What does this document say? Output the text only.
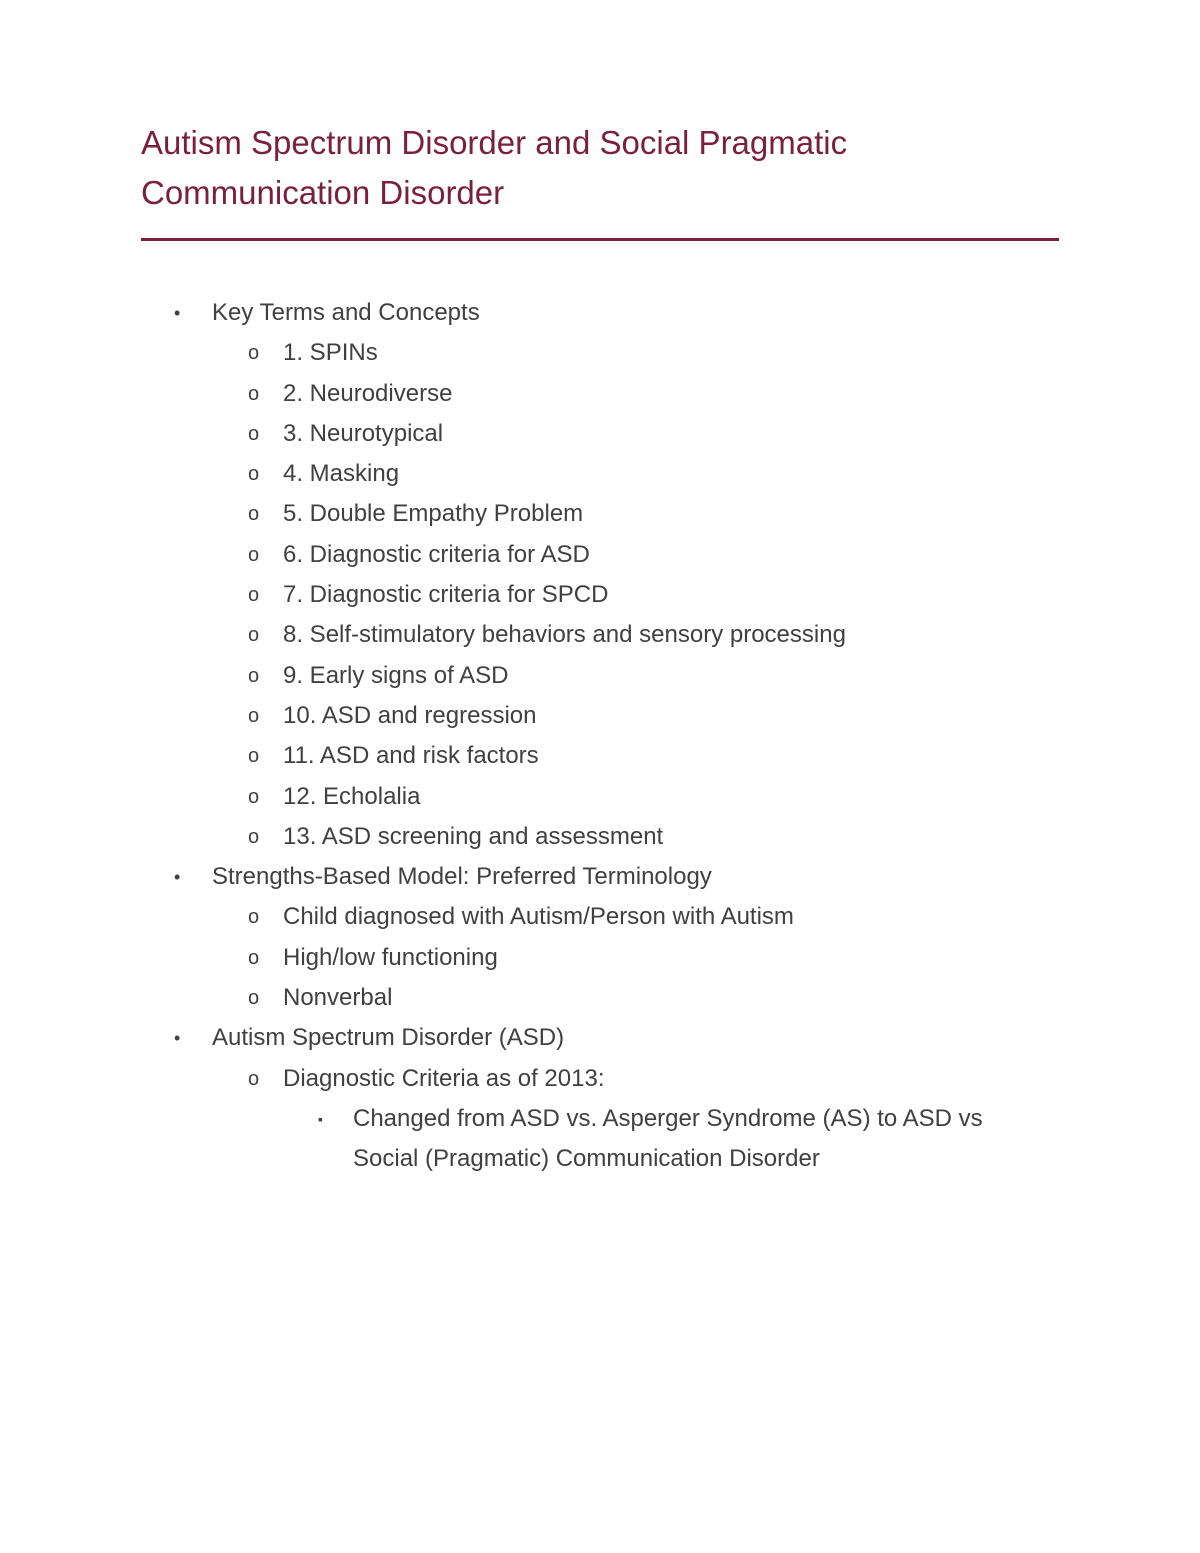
Autism Spectrum Disorder and Social Pragmatic Communication Disorder
• Key Terms and Concepts
o 1. SPINs
o 2. Neurodiverse
o 3. Neurotypical
o 4. Masking
o 5. Double Empathy Problem
o 6. Diagnostic criteria for ASD
o 7. Diagnostic criteria for SPCD
o 8. Self-stimulatory behaviors and sensory processing
o 9. Early signs of ASD
o 10. ASD and regression
o 11. ASD and risk factors
o 12. Echolalia
o 13. ASD screening and assessment
• Strengths-Based Model: Preferred Terminology
o Child diagnosed with Autism/Person with Autism
o High/low functioning
o Nonverbal
• Autism Spectrum Disorder (ASD)
o Diagnostic Criteria as of 2013:
▪ Changed from ASD vs. Asperger Syndrome (AS) to ASD vs Social (Pragmatic) Communication Disorder
